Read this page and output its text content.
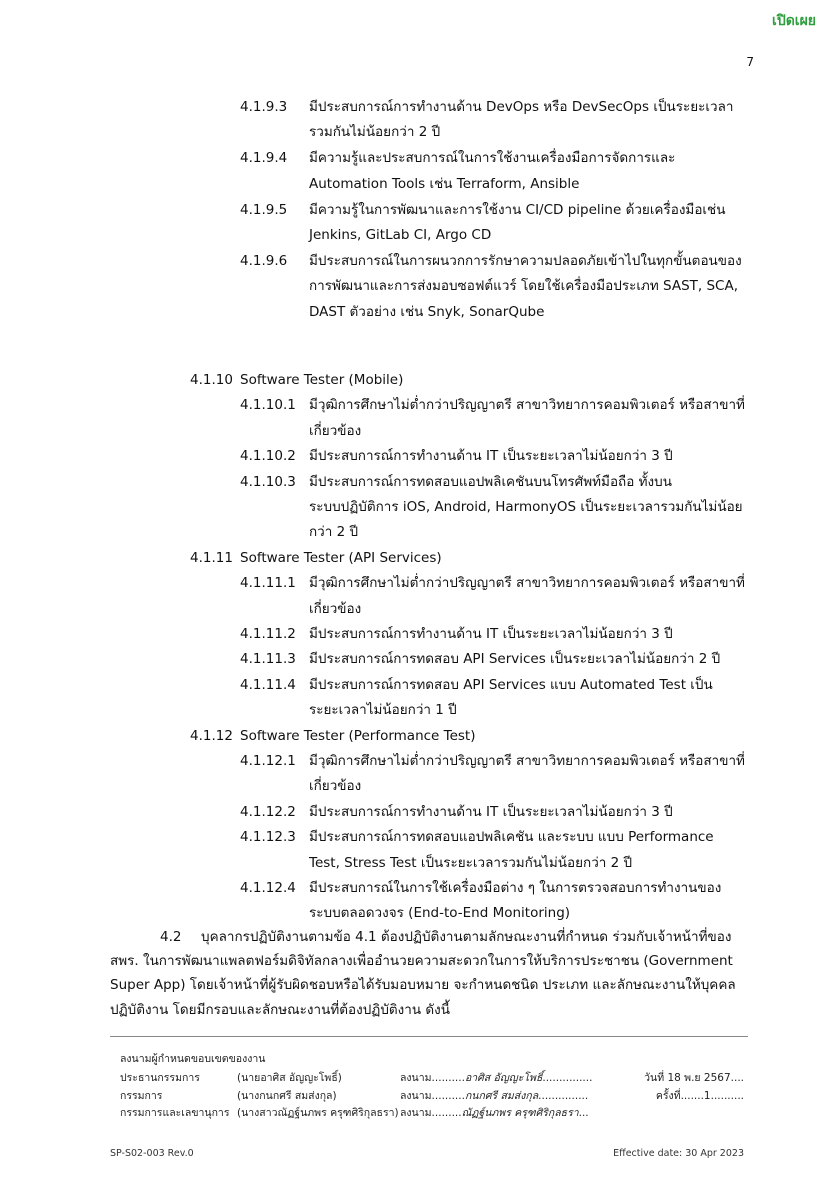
เปิดเผย
7
4.1.9.3 มีประสบการณ์การทำงานด้าน DevOps หรือ DevSecOps เป็นระยะเวลา
รวมกันไม่น้อยกว่า 2 ปี
4.1.9.4 มีความรู้และประสบการณ์ในการใช้งานเครื่องมือการจัดการและ
Automation Tools เช่น Terraform, Ansible
4.1.9.5 มีความรู้ในการพัฒนาและการใช้งาน CI/CD pipeline ด้วยเครื่องมือเช่น
Jenkins, GitLab CI, Argo CD
4.1.9.6 มีประสบการณ์ในการผนวกการรักษาความปลอดภัยเข้าไปในทุกขั้นตอนของ
การพัฒนาและการส่งมอบซอฟต์แวร์ โดยใช้เครื่องมือประเภท SAST, SCA,
DAST ตัวอย่าง เช่น Snyk, SonarQube
4.1.10 Software Tester (Mobile)
4.1.10.1 มีวุฒิการศึกษาไม่ต่ำกว่าปริญญาตรี สาขาวิทยาการคอมพิวเตอร์ หรือสาขาที่
เกี่ยวข้อง
4.1.10.2 มีประสบการณ์การทำงานด้าน IT เป็นระยะเวลาไม่น้อยกว่า 3 ปี
4.1.10.3 มีประสบการณ์การทดสอบแอปพลิเคชันบนโทรศัพท์มือถือ ทั้งบน
ระบบปฏิบัติการ iOS, Android, HarmonyOS เป็นระยะเวลารวมกันไม่น้อย
กว่า 2 ปี
4.1.11 Software Tester (API Services)
4.1.11.1 มีวุฒิการศึกษาไม่ต่ำกว่าปริญญาตรี สาขาวิทยาการคอมพิวเตอร์ หรือสาขาที่
เกี่ยวข้อง
4.1.11.2 มีประสบการณ์การทำงานด้าน IT เป็นระยะเวลาไม่น้อยกว่า 3 ปี
4.1.11.3 มีประสบการณ์การทดสอบ API Services เป็นระยะเวลาไม่น้อยกว่า 2 ปี
4.1.11.4 มีประสบการณ์การทดสอบ API Services แบบ Automated Test เป็น
ระยะเวลาไม่น้อยกว่า 1 ปี
4.1.12 Software Tester (Performance Test)
4.1.12.1 มีวุฒิการศึกษาไม่ต่ำกว่าปริญญาตรี สาขาวิทยาการคอมพิวเตอร์ หรือสาขาที่
เกี่ยวข้อง
4.1.12.2 มีประสบการณ์การทำงานด้าน IT เป็นระยะเวลาไม่น้อยกว่า 3 ปี
4.1.12.3 มีประสบการณ์การทดสอบแอปพลิเคชัน และระบบ แบบ Performance
Test, Stress Test เป็นระยะเวลารวมกันไม่น้อยกว่า 2 ปี
4.1.12.4 มีประสบการณ์ในการใช้เครื่องมือต่าง ๆ ในการตรวจสอบการทำงานของ
ระบบตลอดวงจร (End-to-End Monitoring)
4.2 บุคลากรปฏิบัติงานตามข้อ 4.1 ต้องปฏิบัติงานตามลักษณะงานที่กำหนด ร่วมกับเจ้าหน้าที่ของ
สพร. ในการพัฒนาแพลตฟอร์มดิจิทัลกลางเพื่ออำนวยความสะดวกในการให้บริการประชาชน (Government
Super App) โดยเจ้าหน้าที่ผู้รับผิดชอบหรือได้รับมอบหมาย จะกำหนดชนิด ประเภท และลักษณะงานให้บุคคล
ปฏิบัติงาน โดยมีกรอบและลักษณะงานที่ต้องปฏิบัติงาน ดังนี้
ลงนามผู้กำหนดขอบเขตของงาน
ประธานกรรมการ	(นายอาศิส อัญญะโพธิ์)	ลงนาม..........อาศิส อัญญะโพธิ์...............	วันที่ 18 พ.ย 2567....
กรรมการ	(นางกนกศรี สมส่งกุล)	ลงนาม..........กนกศรี สมส่งกุล...............	ครั้งที่.......1..........
กรรมการและเลขานุการ (นางสาวณัฏฐ์นภพร ครุฑศิริกุลธรา) ลงนาม.........ณัฏฐ์นภพร ครุฑศิริกุลธรา...
SP-S02-003 Rev.0	Effective date: 30 Apr 2023
